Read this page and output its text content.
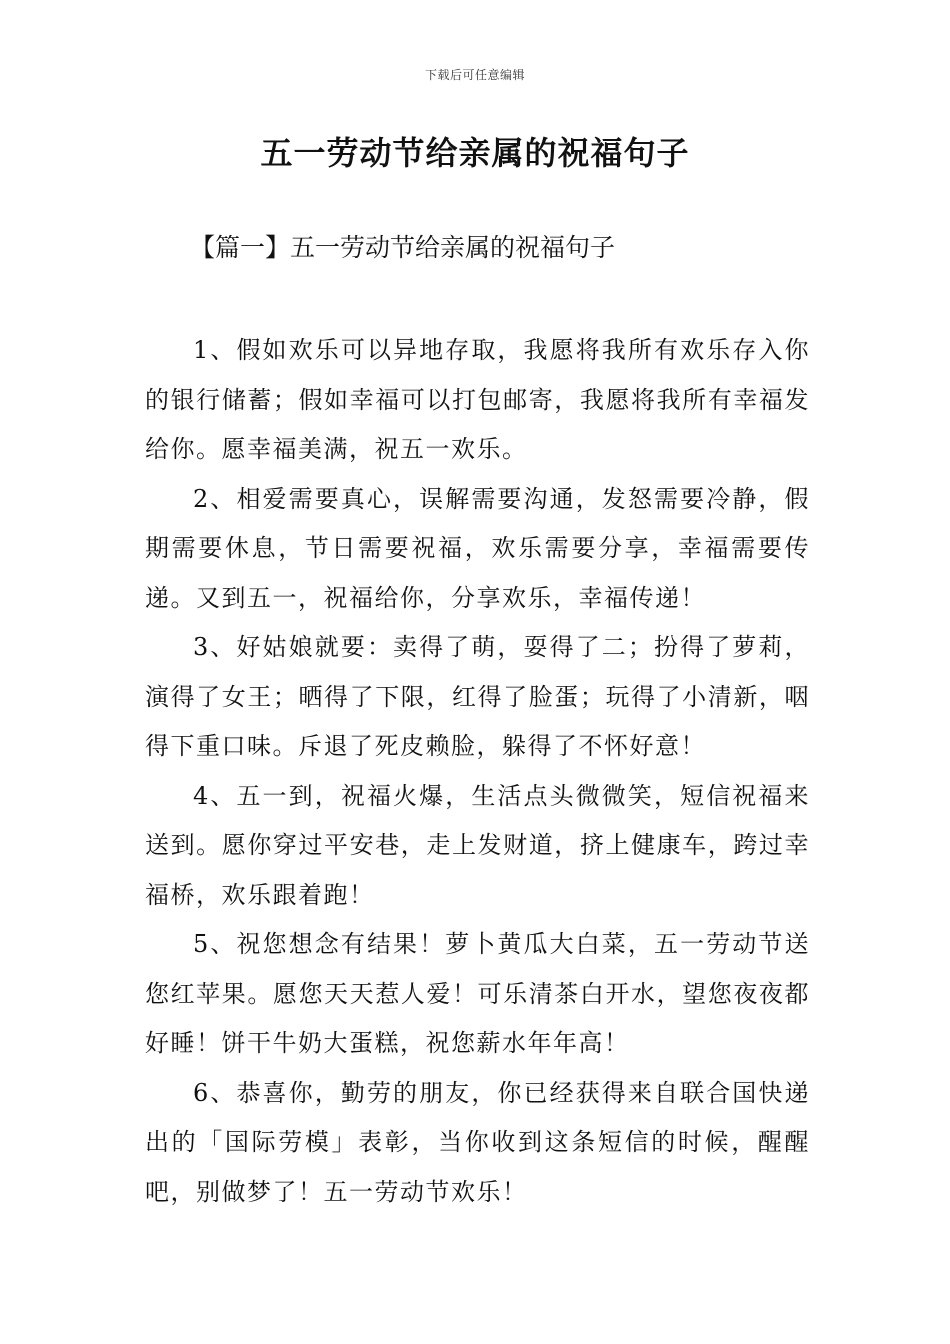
下载后可任意编辑
五一劳动节给亲属的祝福句子
【篇一】五一劳动节给亲属的祝福句子

1、假如欢乐可以异地存取，我愿将我所有欢乐存入你的银行储蓄；假如幸福可以打包邮寄，我愿将我所有幸福发给你。愿幸福美满，祝五一欢乐。

2、相爱需要真心，误解需要沟通，发怒需要冷静，假期需要休息，节日需要祝福，欢乐需要分享，幸福需要传递。又到五一，祝福给你，分享欢乐，幸福传递！

3、好姑娘就要：卖得了萌，耍得了二；扮得了萝莉，演得了女王；晒得了下限，红得了脸蛋；玩得了小清新，咽得下重口味。斥退了死皮赖脸，躲得了不怀好意！

4、五一到，祝福火爆，生活点头微微笑，短信祝福来送到。愿你穿过平安巷，走上发财道，挤上健康车，跨过幸福桥，欢乐跟着跑！

5、祝您想念有结果！萝卜黄瓜大白菜，五一劳动节送您红苹果。愿您天天惹人爱！可乐清茶白开水，望您夜夜都好睡！饼干牛奶大蛋糕，祝您薪水年年高！

6、恭喜你，勤劳的朋友，你已经获得来自联合国快递出的「国际劳模」表彰，当你收到这条短信的时候，醒醒吧，别做梦了！五一劳动节欢乐！
